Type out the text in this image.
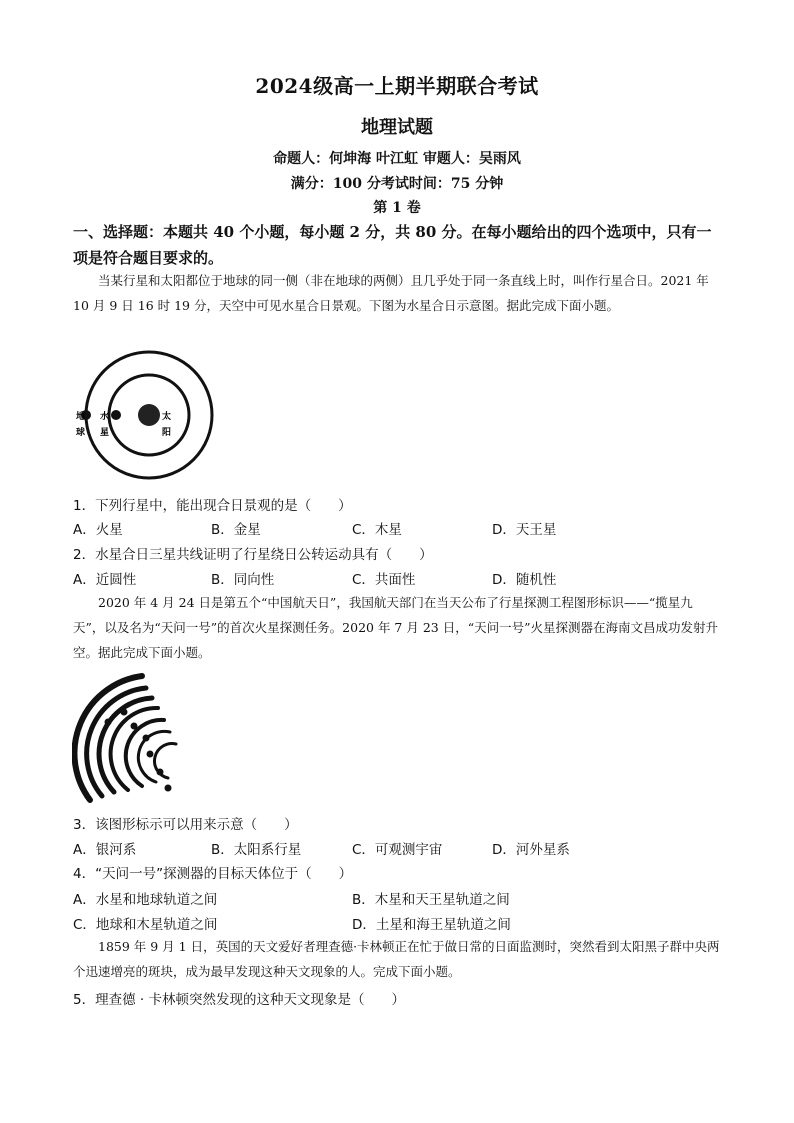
2024级高一上期半期联合考试
地理试题
命题人：何坤海 叶江虹 审题人：吴雨风
满分：100 分考试时间：75 分钟
第 1 卷
一、选择题：本题共 40 个小题，每小题 2 分，共 80 分。在每小题给出的四个选项中，只有一项是符合题目要求的。
当某行星和太阳都位于地球的同一侧（非在地球的两侧）且几乎处于同一条直线上时，叫作行星合日。2021 年 10 月 9 日 16 时 19 分，天空中可见水星合日景观。下图为水星合日示意图。据此完成下面小题。
地
球
水
星
太
阳
1．下列行星中，能出现合日景观的是（　　）
A．火星	B．金星	C．木星	D．天王星
2．水星合日三星共线证明了行星绕日公转运动具有（　　）
A．近圆性	B．同向性	C．共面性	D．随机性
2020 年 4 月 24 日是第五个“中国航天日”，我国航天部门在当天公布了行星探测工程图形标识——“揽星九天”，以及名为“天问一号”的首次火星探测任务。2020 年 7 月 23 日，“天问一号”火星探测器在海南文昌成功发射升空。据此完成下面小题。
3．该图形标示可以用来示意（　　）
A．银河系	B．太阳系行星	C．可观测宇宙	D．河外星系
4．“天问一号”探测器的目标天体位于（　　）
A．水星和地球轨道之间	B．木星和天王星轨道之间
C．地球和木星轨道之间	D．土星和海王星轨道之间
1859 年 9 月 1 日，英国的天文爱好者理查德·卡林顿正在忙于做日常的日面监测时，突然看到太阳黑子群中央两个迅速增亮的斑块，成为最早发现这种天文现象的人。完成下面小题。
5．理查德 · 卡林顿突然发现的这种天文现象是（　　）
